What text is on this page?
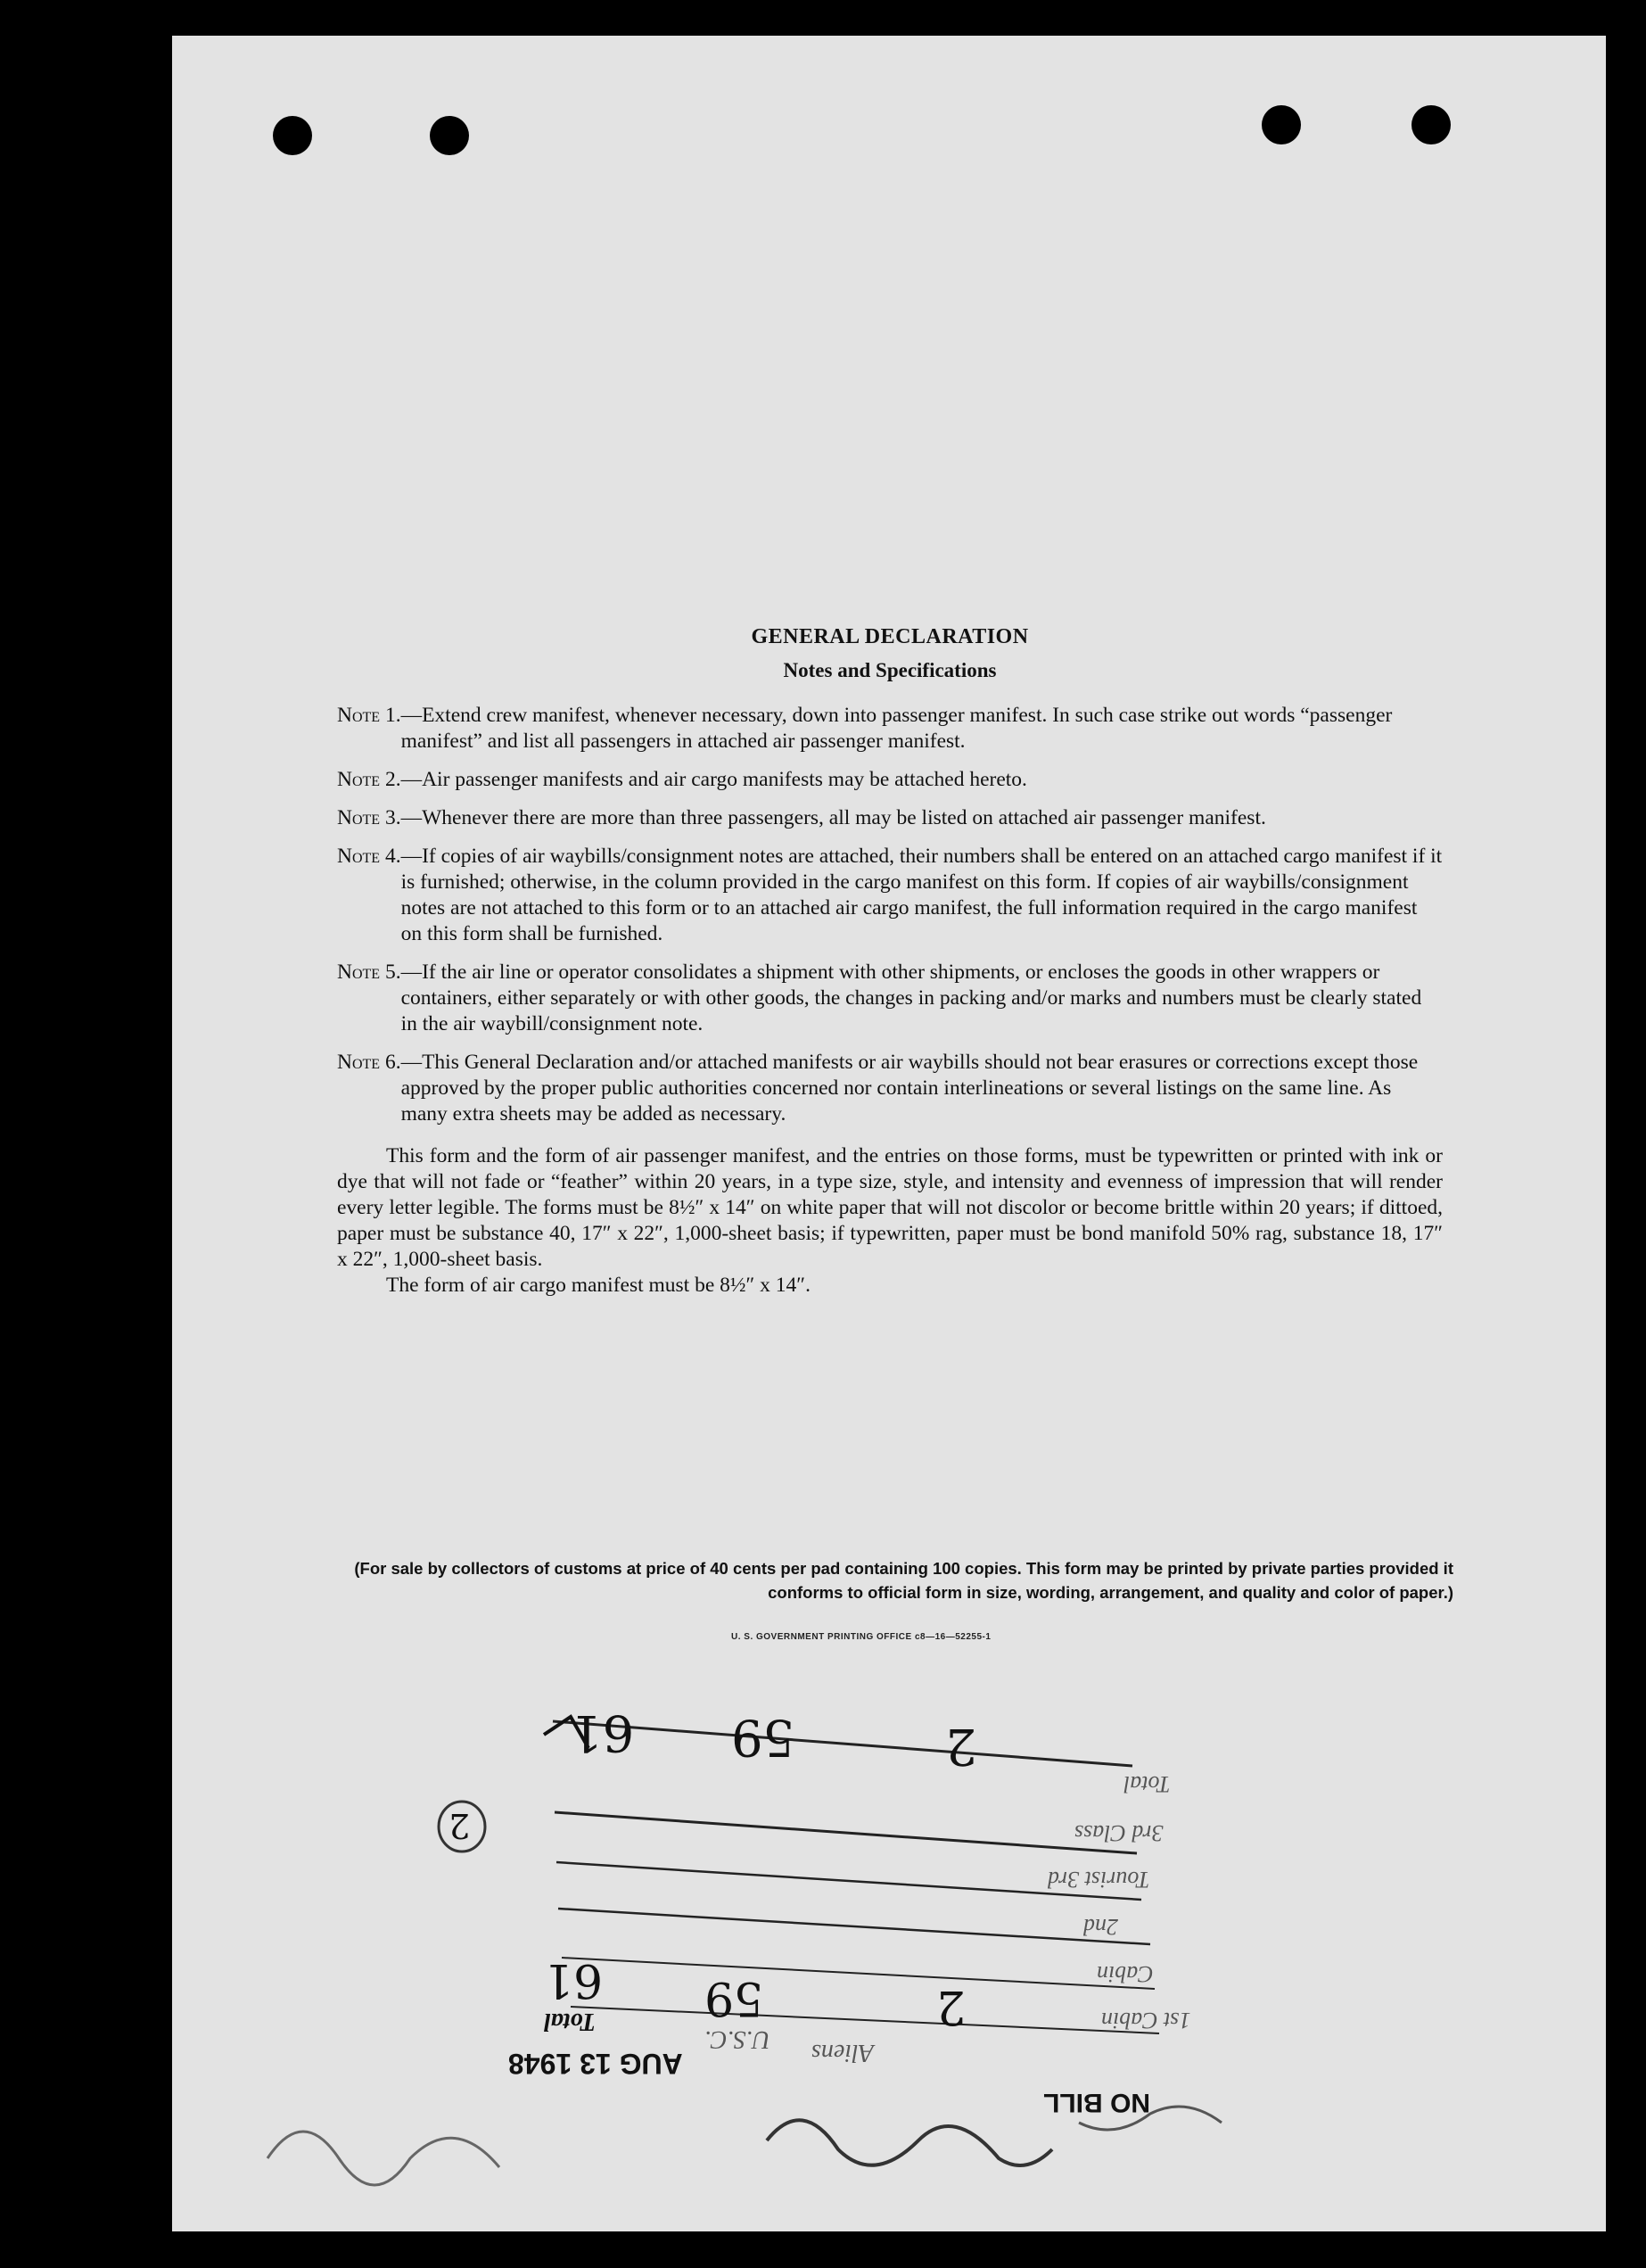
GENERAL DECLARATION
Notes and Specifications
Note 1. —Extend crew manifest, whenever necessary, down into passenger manifest. In such case strike out words “passenger manifest” and list all passengers in attached air passenger manifest.
Note 2. —Air passenger manifests and air cargo manifests may be attached hereto.
Note 3. —Whenever there are more than three passengers, all may be listed on attached air passenger manifest.
Note 4. —If copies of air waybills/consignment notes are attached, their numbers shall be entered on an attached cargo manifest if it is furnished; otherwise, in the column provided in the cargo manifest on this form. If copies of air waybills/consignment notes are not attached to this form or to an attached air cargo manifest, the full information required in the cargo manifest on this form shall be furnished.
Note 5. —If the air line or operator consolidates a shipment with other shipments, or encloses the goods in other wrappers or containers, either separately or with other goods, the changes in packing and/or marks and numbers must be clearly stated in the air waybill/consignment note.
Note 6. —This General Declaration and/or attached manifests or air waybills should not bear erasures or corrections except those approved by the proper public authorities concerned nor contain interlineations or several listings on the same line. As many extra sheets may be added as necessary.
This form and the form of air passenger manifest, and the entries on those forms, must be typewritten or printed with ink or dye that will not fade or “feather” within 20 years, in a type size, style, and intensity and evenness of impression that will render every letter legible. The forms must be 8½″ x 14″ on white paper that will not discolor or become brittle within 20 years; if dittoed, paper must be substance 40, 17″ x 22″, 1,000-sheet basis; if typewritten, paper must be bond manifold 50% rag, substance 18, 17″ x 22″, 1,000-sheet basis.
The form of air cargo manifest must be 8½″ x 14″.
(For sale by collectors of customs at price of 40 cents per pad containing 100 copies. This form may be printed by private parties provided it conforms to official form in size, wording, arrangement, and quality and color of paper.)
U. S. GOVERNMENT PRINTING OFFICE c8—16—52255-1
Total
3rd Class
Tourist 3rd
2nd
Cabin
1st Cabin
2
59
61
2
59
61
Aliens
U.S.C.
Total
2
AUG 13 1948
NO BILL
